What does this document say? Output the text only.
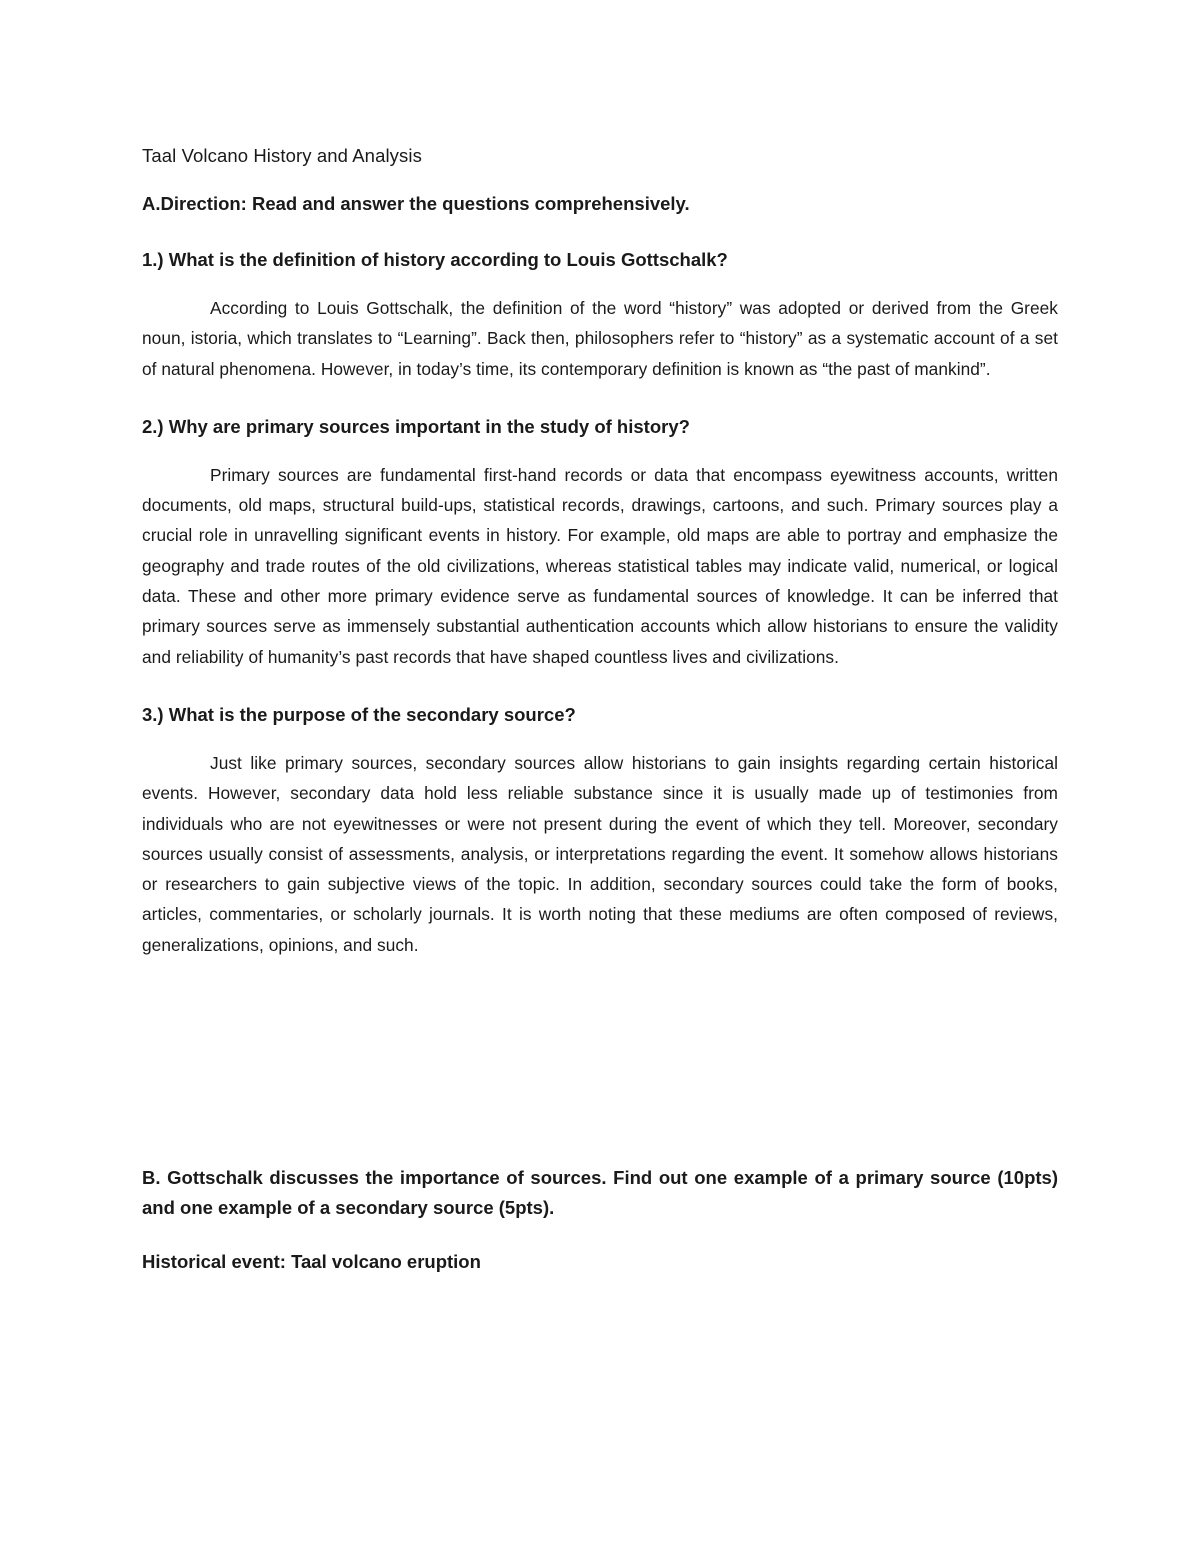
Taal Volcano History and Analysis

A.Direction: Read and answer the questions comprehensively.

1.) What is the definition of history according to Louis Gottschalk?

According to Louis Gottschalk, the definition of the word “history” was adopted or derived from the Greek noun, istoria, which translates to “Learning”. Back then, philosophers refer to “history” as a systematic account of a set of natural phenomena. However, in today’s time, its contemporary definition is known as “the past of mankind”.

2.) Why are primary sources important in the study of history?

Primary sources are fundamental first-hand records or data that encompass eyewitness accounts, written documents, old maps, structural build-ups, statistical records, drawings, cartoons, and such. Primary sources play a crucial role in unravelling significant events in history. For example, old maps are able to portray and emphasize the geography and trade routes of the old civilizations, whereas statistical tables may indicate valid, numerical, or logical data. These and other more primary evidence serve as fundamental sources of knowledge. It can be inferred that primary sources serve as immensely substantial authentication accounts which allow historians to ensure the validity and reliability of humanity’s past records that have shaped countless lives and civilizations.

3.) What is the purpose of the secondary source?

Just like primary sources, secondary sources allow historians to gain insights regarding certain historical events. However, secondary data hold less reliable substance since it is usually made up of testimonies from individuals who are not eyewitnesses or were not present during the event of which they tell. Moreover, secondary sources usually consist of assessments, analysis, or interpretations regarding the event. It somehow allows historians or researchers to gain subjective views of the topic. In addition, secondary sources could take the form of books, articles, commentaries, or scholarly journals. It is worth noting that these mediums are often composed of reviews, generalizations, opinions, and such.

B. Gottschalk discusses the importance of sources. Find out one example of a primary source (10pts) and one example of a secondary source (5pts).

Historical event: Taal volcano eruption
